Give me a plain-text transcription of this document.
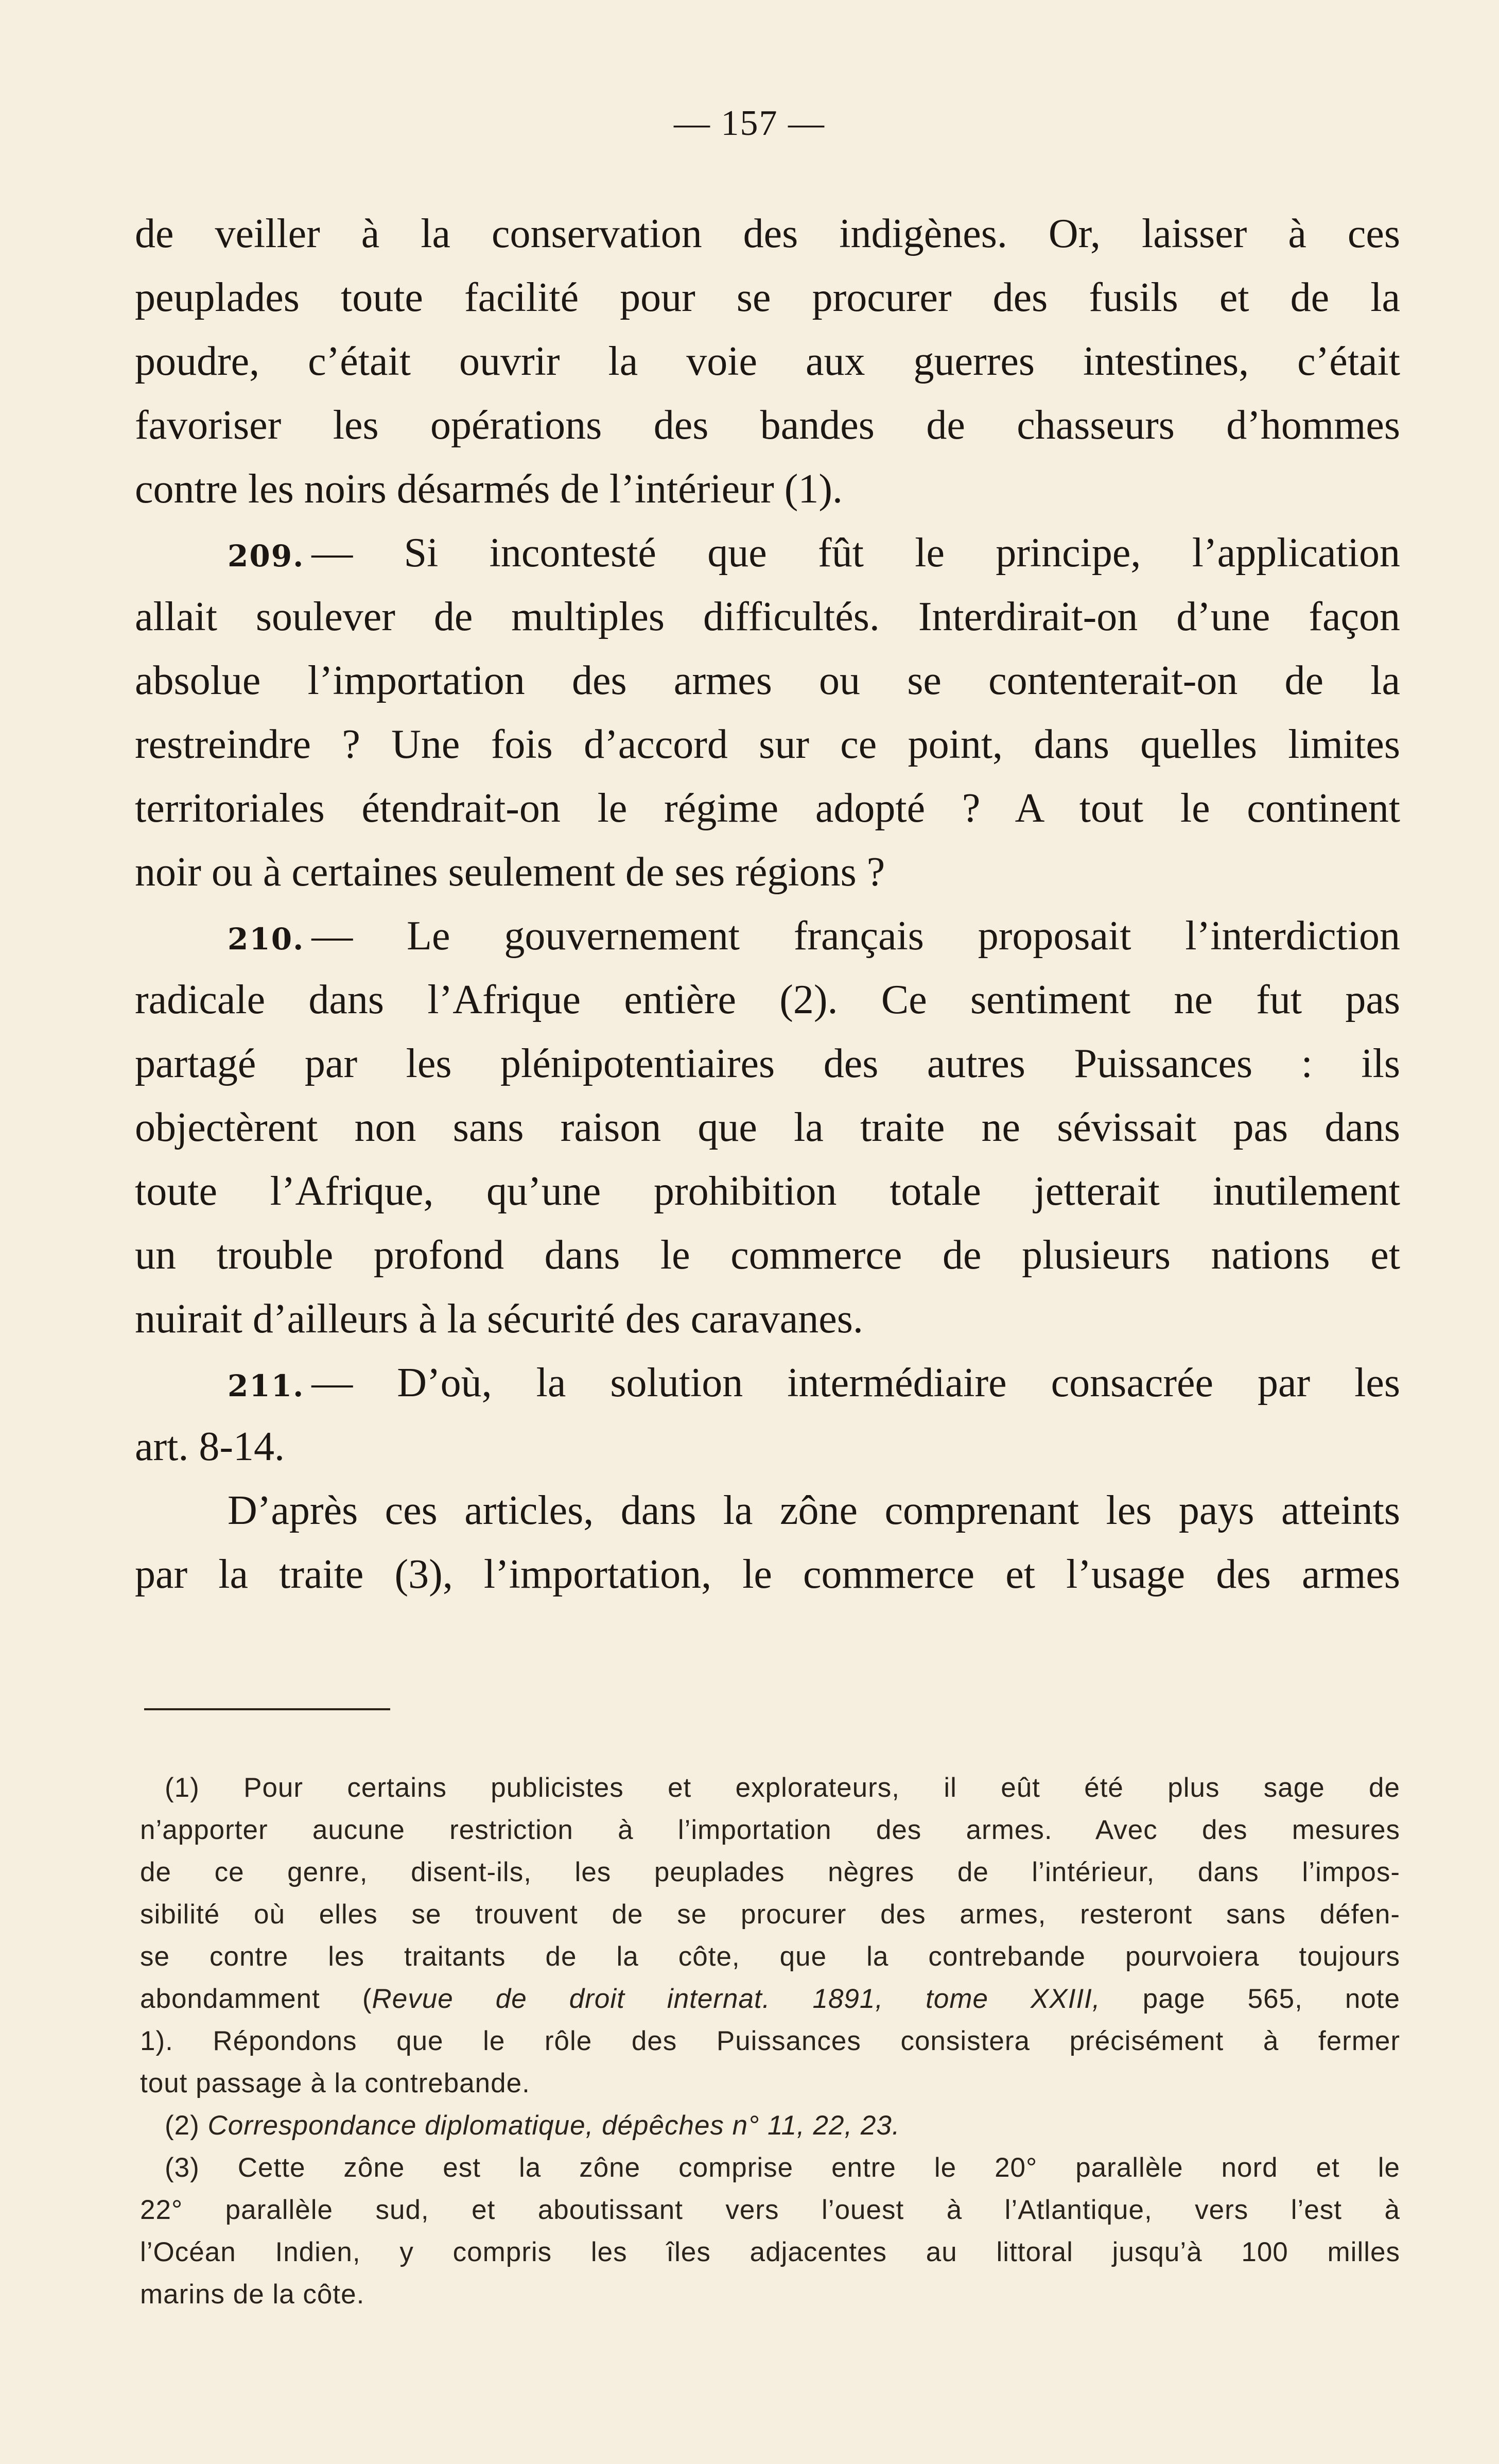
— 157 —
de veiller à la conservation des indigènes. Or, laisser à ces
peuplades toute facilité pour se procurer des fusils et de la
poudre, c’était ouvrir la voie aux guerres intestines, c’était
favoriser les opérations des bandes de chasseurs d’hommes
contre les noirs désarmés de l’intérieur (1).
209. — Si incontesté que fût le principe, l’application
allait soulever de multiples difficultés. Interdirait-on d’une façon
absolue l’importation des armes ou se contenterait-on de la
restreindre ? Une fois d’accord sur ce point, dans quelles limites
territoriales étendrait-on le régime adopté ? A tout le continent
noir ou à certaines seulement de ses régions ?
210. — Le gouvernement français proposait l’interdiction
radicale dans l’Afrique entière (2). Ce sentiment ne fut pas
partagé par les plénipotentiaires des autres Puissances : ils
objectèrent non sans raison que la traite ne sévissait pas dans
toute l’Afrique, qu’une prohibition totale jetterait inutilement
un trouble profond dans le commerce de plusieurs nations et
nuirait d’ailleurs à la sécurité des caravanes.
211. — D’où, la solution intermédiaire consacrée par les
art. 8-14.
D’après ces articles, dans la zône comprenant les pays atteints
par la traite (3), l’importation, le commerce et l’usage des armes
(1) Pour certains publicistes et explorateurs, il eût été plus sage de
n’apporter aucune restriction à l’importation des armes. Avec des mesures
de ce genre, disent-ils, les peuplades nègres de l’intérieur, dans l’impos-
sibilité où elles se trouvent de se procurer des armes, resteront sans défen-
se contre les traitants de la côte, que la contrebande pourvoiera toujours
abondamment (Revue de droit internat. 1891, tome XXIII, page 565, note
1). Répondons que le rôle des Puissances consistera précisément à fermer
tout passage à la contrebande.
(2) Correspondance diplomatique, dépêches n° 11, 22, 23.
(3) Cette zône est la zône comprise entre le 20° parallèle nord et le
22° parallèle sud, et aboutissant vers l’ouest à l’Atlantique, vers l’est à
l’Océan Indien, y compris les îles adjacentes au littoral jusqu’à 100 milles
marins de la côte.
